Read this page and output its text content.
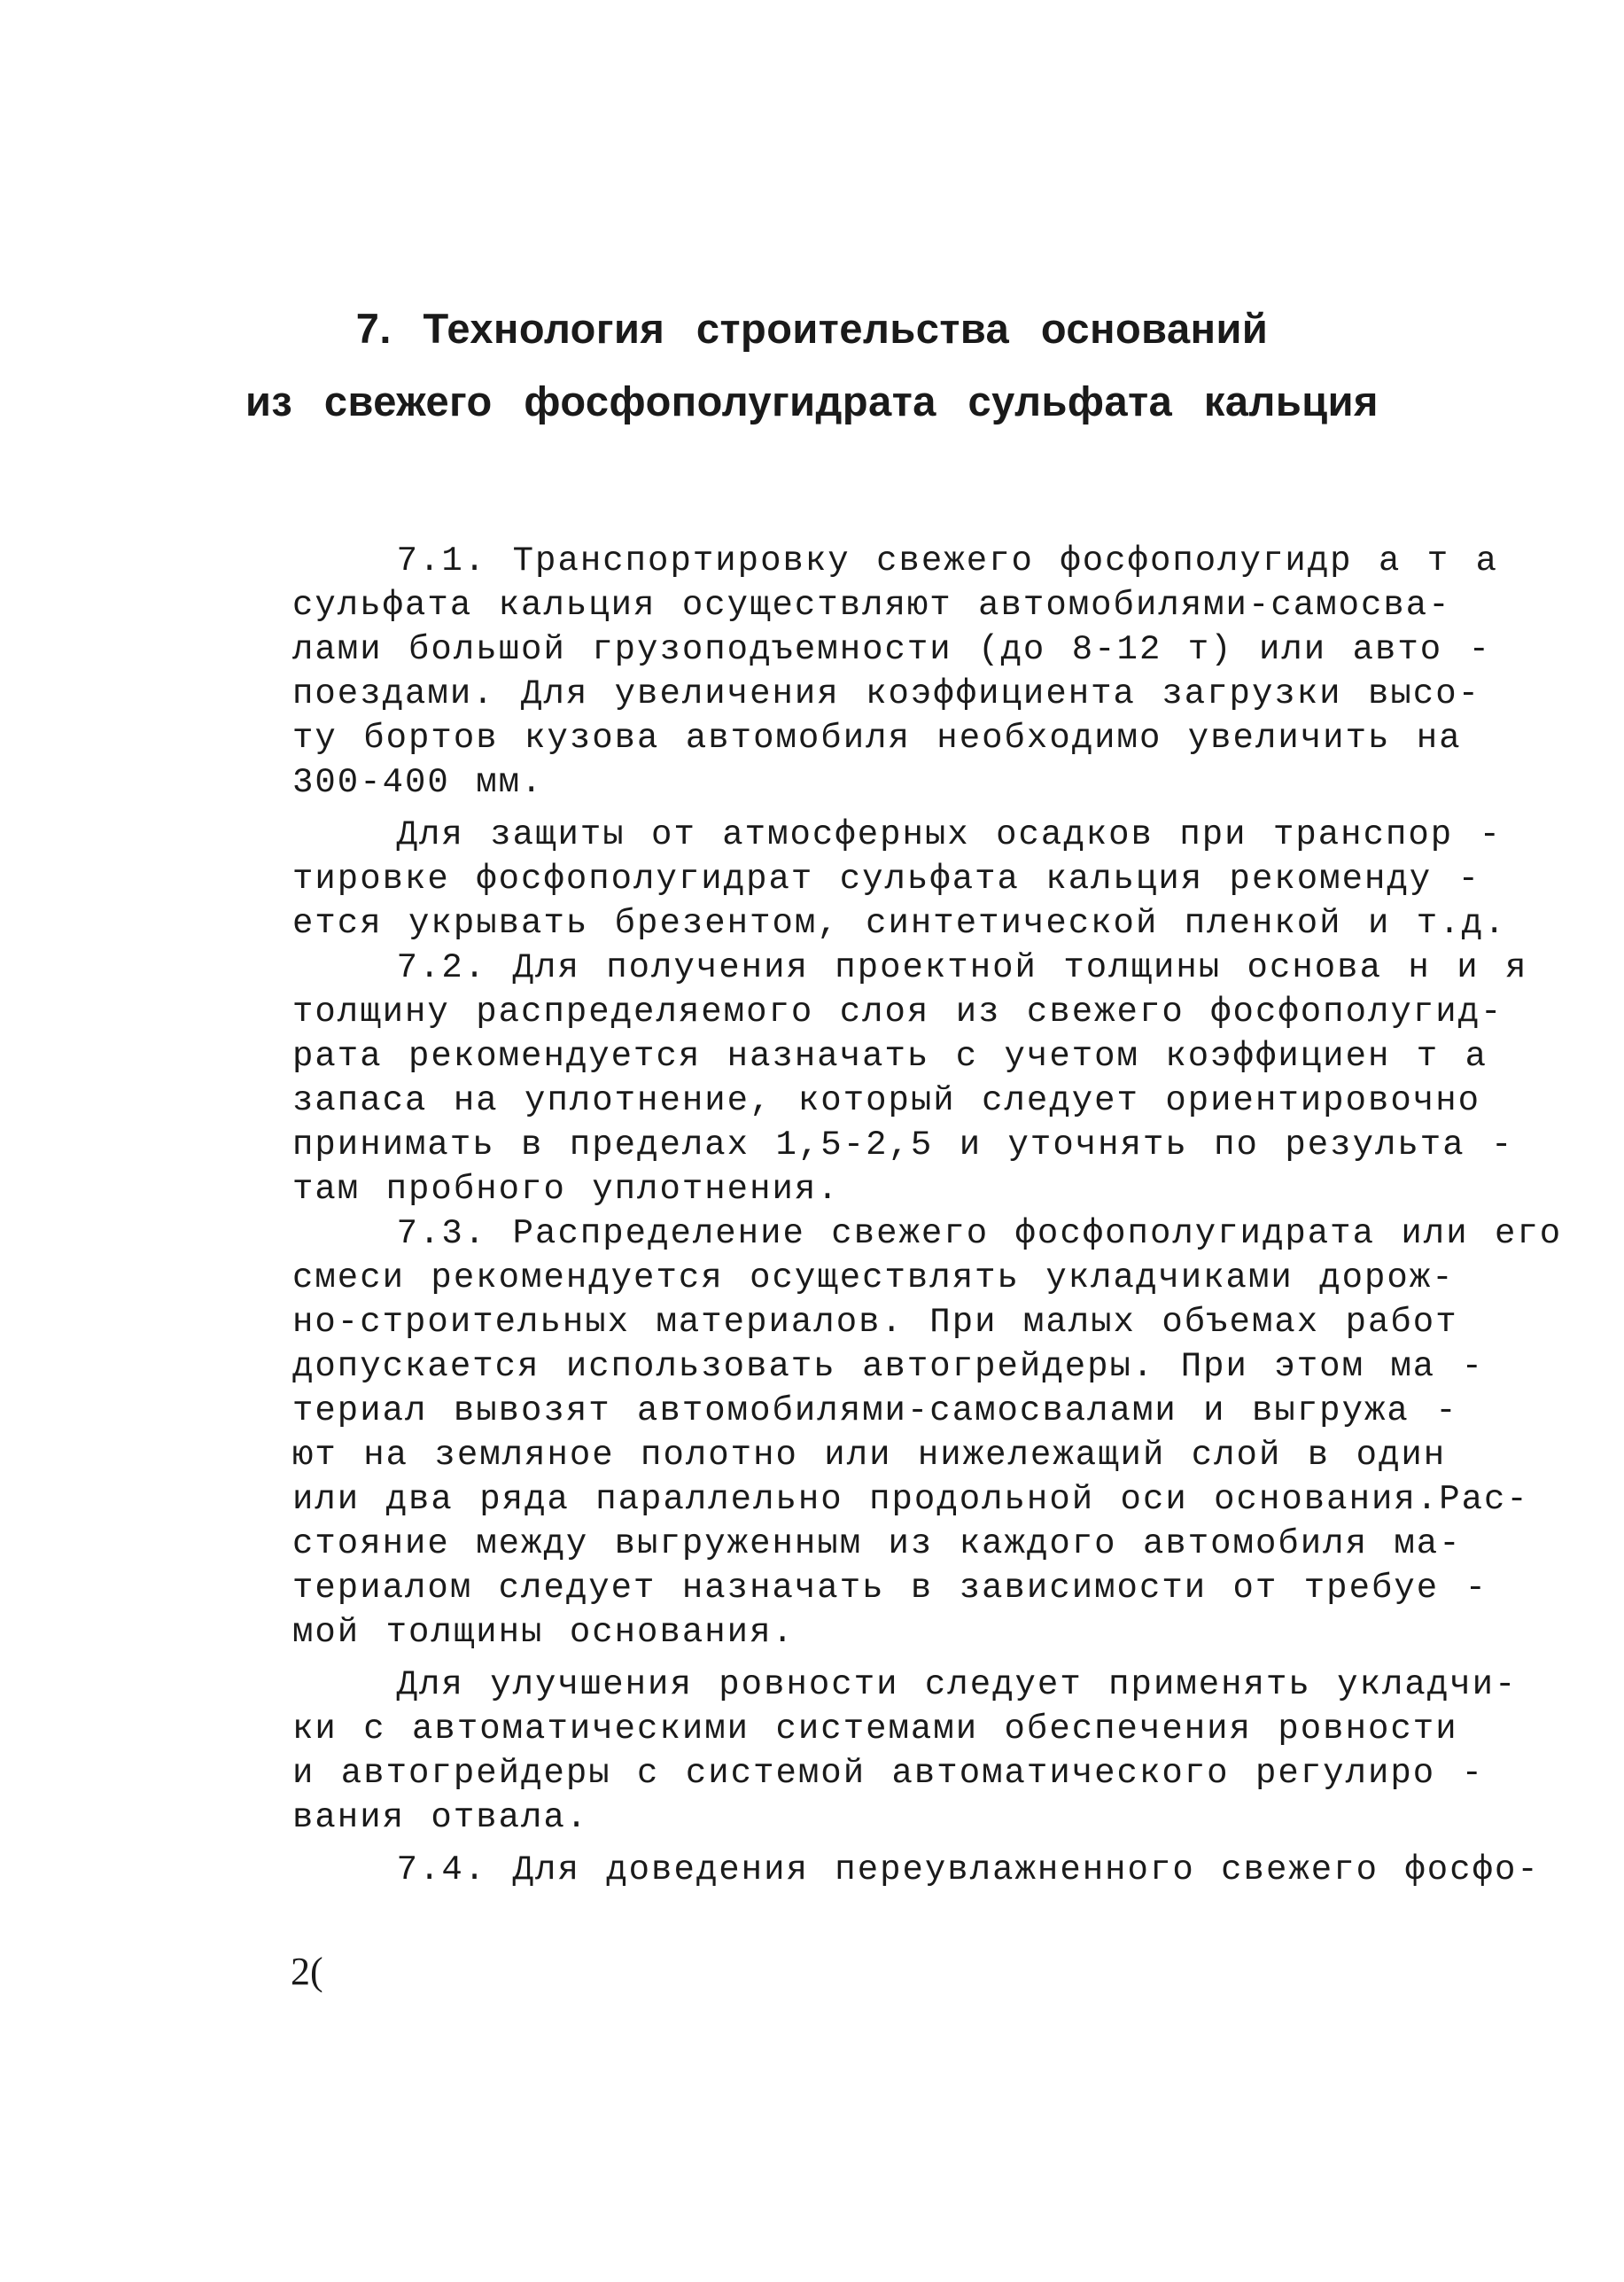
7. Технология строительства оснований
из свежего фосфополугидрата сульфата кальция
7.1. Транспортировку свежего фосфополугидр а т а
сульфата кальция осуществляют автомобилями-самосва-
лами большой грузоподъемности (до 8-12 т) или авто -
поездами. Для увеличения коэффициента загрузки высо-
ту бортов кузова автомобиля необходимо увеличить на
300-400 мм.
Для защиты от атмосферных осадков при транспор -
тировке фосфополугидрат сульфата кальция рекоменду -
ется укрывать брезентом, синтетической пленкой и т.д.
7.2. Для получения проектной толщины основа н и я
толщину распределяемого слоя из свежего фосфополугид-
рата рекомендуется назначать с учетом коэффициен т а
запаса на уплотнение, который следует ориентировочно
принимать в пределах 1,5-2,5 и уточнять по результа -
там пробного уплотнения.
7.3. Распределение свежего фосфополугидрата или его
смеси рекомендуется осуществлять укладчиками дорож-
но-строительных материалов. При малых объемах работ
допускается использовать автогрейдеры. При этом ма -
териал вывозят автомобилями-самосвалами и выгружа -
ют на земляное полотно или нижележащий слой в один
или два ряда параллельно продольной оси основания.Рас-
стояние между выгруженным из каждого автомобиля ма-
териалом следует назначать в зависимости от требуе -
мой толщины основания.
Для улучшения ровности следует применять укладчи-
ки с автоматическими системами обеспечения ровности
и автогрейдеры с системой автоматического регулиро -
вания отвала.
7.4. Для доведения переувлажненного свежего фосфо-
2(
